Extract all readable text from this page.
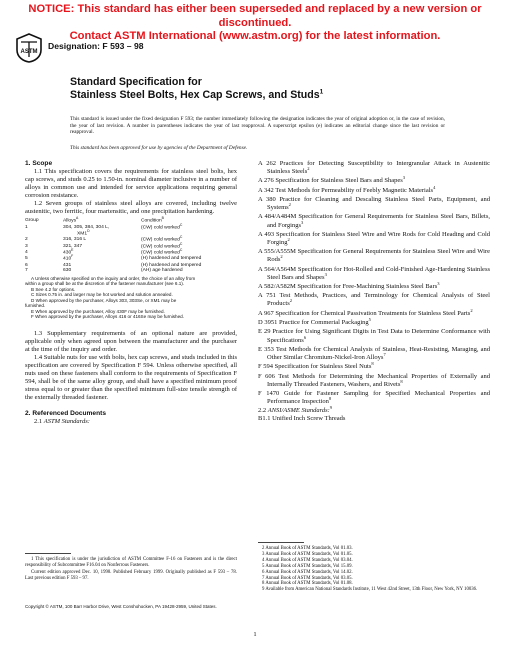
NOTICE: This standard has either been superseded and replaced by a new version or discontinued.
Contact ASTM International (www.astm.org) for the latest information.
ASTM
Designation: F 593 – 98
Standard Specification for
Stainless Steel Bolts, Hex Cap Screws, and Studs$^1$
This standard is issued under the fixed designation F 593; the number immediately following the designation indicates the year of original adoption or, in the case of revision, the year of last revision. A number in parentheses indicates the year of last reapproval. A superscript epsilon (e) indicates an editorial change since the last revision or reapproval.
This standard has been approved for use by agencies of the Department of Defense.
1. Scope

1.1 This specification covers the requirements for stainless steel bolts, hex cap screws, and studs 0.25 to 1.50-in. nominal diameter inclusive in a number of alloys in common use and intended for service applications requiring general corrosion resistance.

1.2 Seven groups of stainless steel alloys are covered, including twelve austenitic, two ferritic, four martensitic, and one precipitation hardening.

Group	Alloys$^A$	Condition$^B$
1	304, 305, 384, 304 L,	(CW) cold worked$^C$
	$XM1^D$	
2	316, 316 L	(CW) cold worked$^C$
3	321, 347	(CW) cold worked$^C$
4	$430^E$	(CW) cold worked$^C$
5	$410^F$	(H) hardened and tempered
6	431	(H) hardened and tempered
7	630	(AH) age hardened
A Unless otherwise specified on the inquiry and order, the choice of an alloy from
within a group shall be at the discretion of the fastener manufacturer (see 6.1).
B See 4.2 for options.
C Sizes 0.75 in. and larger may be hot worked and solution annealed.
D When approved by the purchaser, Alloys 303, 303Se, or XM1 may be
furnished.
E When approved by the purchaser, Alloy 430F may be furnished.
F When approved by the purchaser, Alloys 416 or 416Se may be furnished.

1.3 Supplementary requirements of an optional nature are provided, applicable only when agreed upon between the manufacturer and the purchaser at the time of the inquiry and order.

1.4 Suitable nuts for use with bolts, hex cap screws, and studs included in this specification are covered by Specification F 594. Unless otherwise specified, all nuts used on these fasteners shall conform to the requirements of Specification F 594, shall be of the same alloy group, and shall have a specified minimum proof stress equal to or greater than the specified minimum full-size tensile strength of the externally threaded fastener.

2. Referenced Documents
2.1 ASTM Standards:
A 262 Practices for Detecting Susceptibility to Intergranular Attack in Austenitic Stainless Steels$^2$
A 276 Specification for Stainless Steel Bars and Shapes$^3$
A 342 Test Methods for Permeability of Feebly Magnetic Materials$^4$
A 380 Practice for Cleaning and Descaling Stainless Steel Parts, Equipment, and Systems$^2$
A 484/A484M Specification for General Requirements for Stainless Steel Bars, Billets, and Forgings$^3$
A 493 Specification for Stainless Steel Wire and Wire Rods for Cold Heading and Cold Forging$^2$
A 555/A555M Specification for General Requirements for Stainless Steel Wire and Wire Rods$^2$
A 564/A564M Specification for Hot-Rolled and Cold-Finished Age-Hardening Stainless Steel Bars and Shapes$^3$
A 582/A582M Specification for Free-Machining Stainless Steel Bars$^3$
A 751 Test Methods, Practices, and Terminology for Chemical Analysis of Steel Products$^2$
A 967 Specification for Chemical Passivation Treatments for Stainless Steel Parts$^2$
D 3951 Practice for Commerial Packaging$^5$
E 29 Practice for Using Significant Digits in Test Data to Determine Conformance with Specifications$^6$
E 353 Test Methods for Chemical Analysis of Stainless, Heat-Resisting, Maraging, and Other Similar Chromium-Nickel-Iron Alloys$^7$
F 594 Specification for Stainless Steel Nuts$^8$
F 606 Test Methods for Determining the Mechanical Properties of Externally and Internally Threaded Fasteners, Washers, and Rivets$^8$
F 1470 Guide for Fastener Sampling for Specified Mechanical Properties and Performance Inspection$^8$
2.2 ANSI/ASME Standards:$^9$
B1.1 Unified Inch Screw Threads
1 This specification is under the jurisdiction of ASTM Committee F-16 on Fasteners and is the direct responsibility of Subcommittee F16.04 on Nonferrous Fasteners.
Current edition approved Dec. 10, 1998. Published February 1999. Originally published as F 593 – 78. Last previous edition F 593 – 97.
2 Annual Book of ASTM Standards, Vol 01.03.
3 Annual Book of ASTM Standards, Vol 01.05.
4 Annual Book of ASTM Standards, Vol 03.04.
5 Annual Book of ASTM Standards, Vol 15.09.
6 Annual Book of ASTM Standards, Vol 14.02.
7 Annual Book of ASTM Standards, Vol 03.05.
8 Annual Book of ASTM Standards, Vol 01.08.
9 Available from American National Standards Institute, 11 West 42nd Street, 13th Floor, New York, NY 10036.
Copyright © ASTM, 100 Barr Harbor Drive, West Conshohocken, PA 19428-2959, United States.
1
